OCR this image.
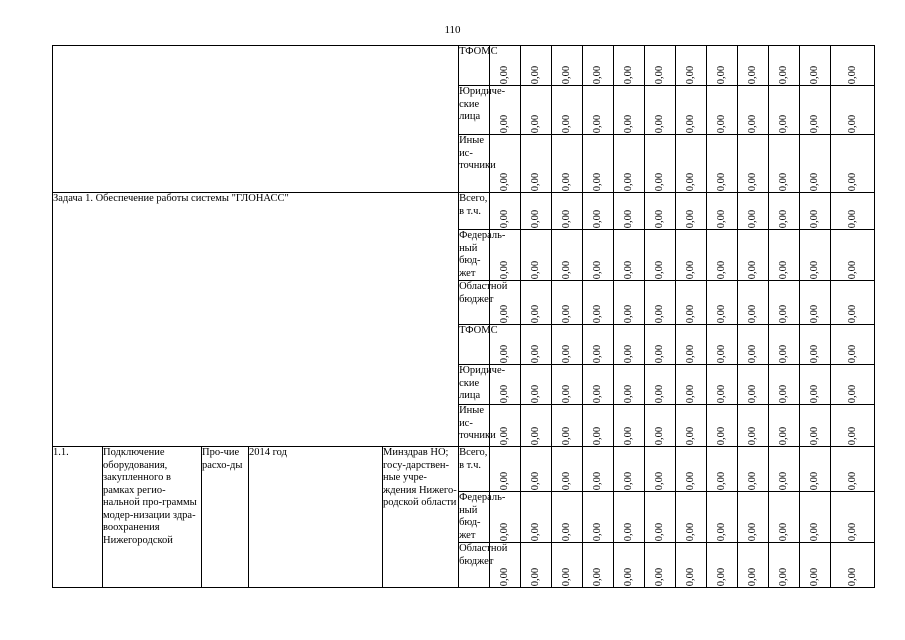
110
					ТФОМС	0,00	0,00	0,00	0,00	0,00	0,00	0,00	0,00	0,00	0,00	0,00	0,00

					Юридиче-ские лица	0,00	0,00	0,00	0,00	0,00	0,00	0,00	0,00	0,00	0,00	0,00	0,00

					Иные ис-точники	0,00	0,00	0,00	0,00	0,00	0,00	0,00	0,00	0,00	0,00	0,00	0,00

Задача 1. Обеспечение работы системы "ГЛОНАСС"					Всего, в т.ч.	0,00	0,00	0,00	0,00	0,00	0,00	0,00	0,00	0,00	0,00	0,00	0,00

					Федераль-ный бюд-жет	0,00	0,00	0,00	0,00	0,00	0,00	0,00	0,00	0,00	0,00	0,00	0,00

					Областной бюджет	0,00	0,00	0,00	0,00	0,00	0,00	0,00	0,00	0,00	0,00	0,00	0,00

					ТФОМС	0,00	0,00	0,00	0,00	0,00	0,00	0,00	0,00	0,00	0,00	0,00	0,00

					Юридиче-ские лица	0,00	0,00	0,00	0,00	0,00	0,00	0,00	0,00	0,00	0,00	0,00	0,00

					Иные ис-точники	0,00	0,00	0,00	0,00	0,00	0,00	0,00	0,00	0,00	0,00	0,00	0,00

1.1.	Подключение оборудования, закупленного в рамках регио-нальной про-граммы модер-низации здра-воохранения Нижегородской	Про-чие расхо-ды	2014 год	Минздрав НО; госу-дарствен-ные учре-ждения Нижего-родской области	Всего, в т.ч.	0,00	0,00	0,00	0,00	0,00	0,00	0,00	0,00	0,00	0,00	0,00	0,00

					Федераль-ный бюд-жет	0,00	0,00	0,00	0,00	0,00	0,00	0,00	0,00	0,00	0,00	0,00	0,00

					Областной бюджет	0,00	0,00	0,00	0,00	0,00	0,00	0,00	0,00	0,00	0,00	0,00	0,00
